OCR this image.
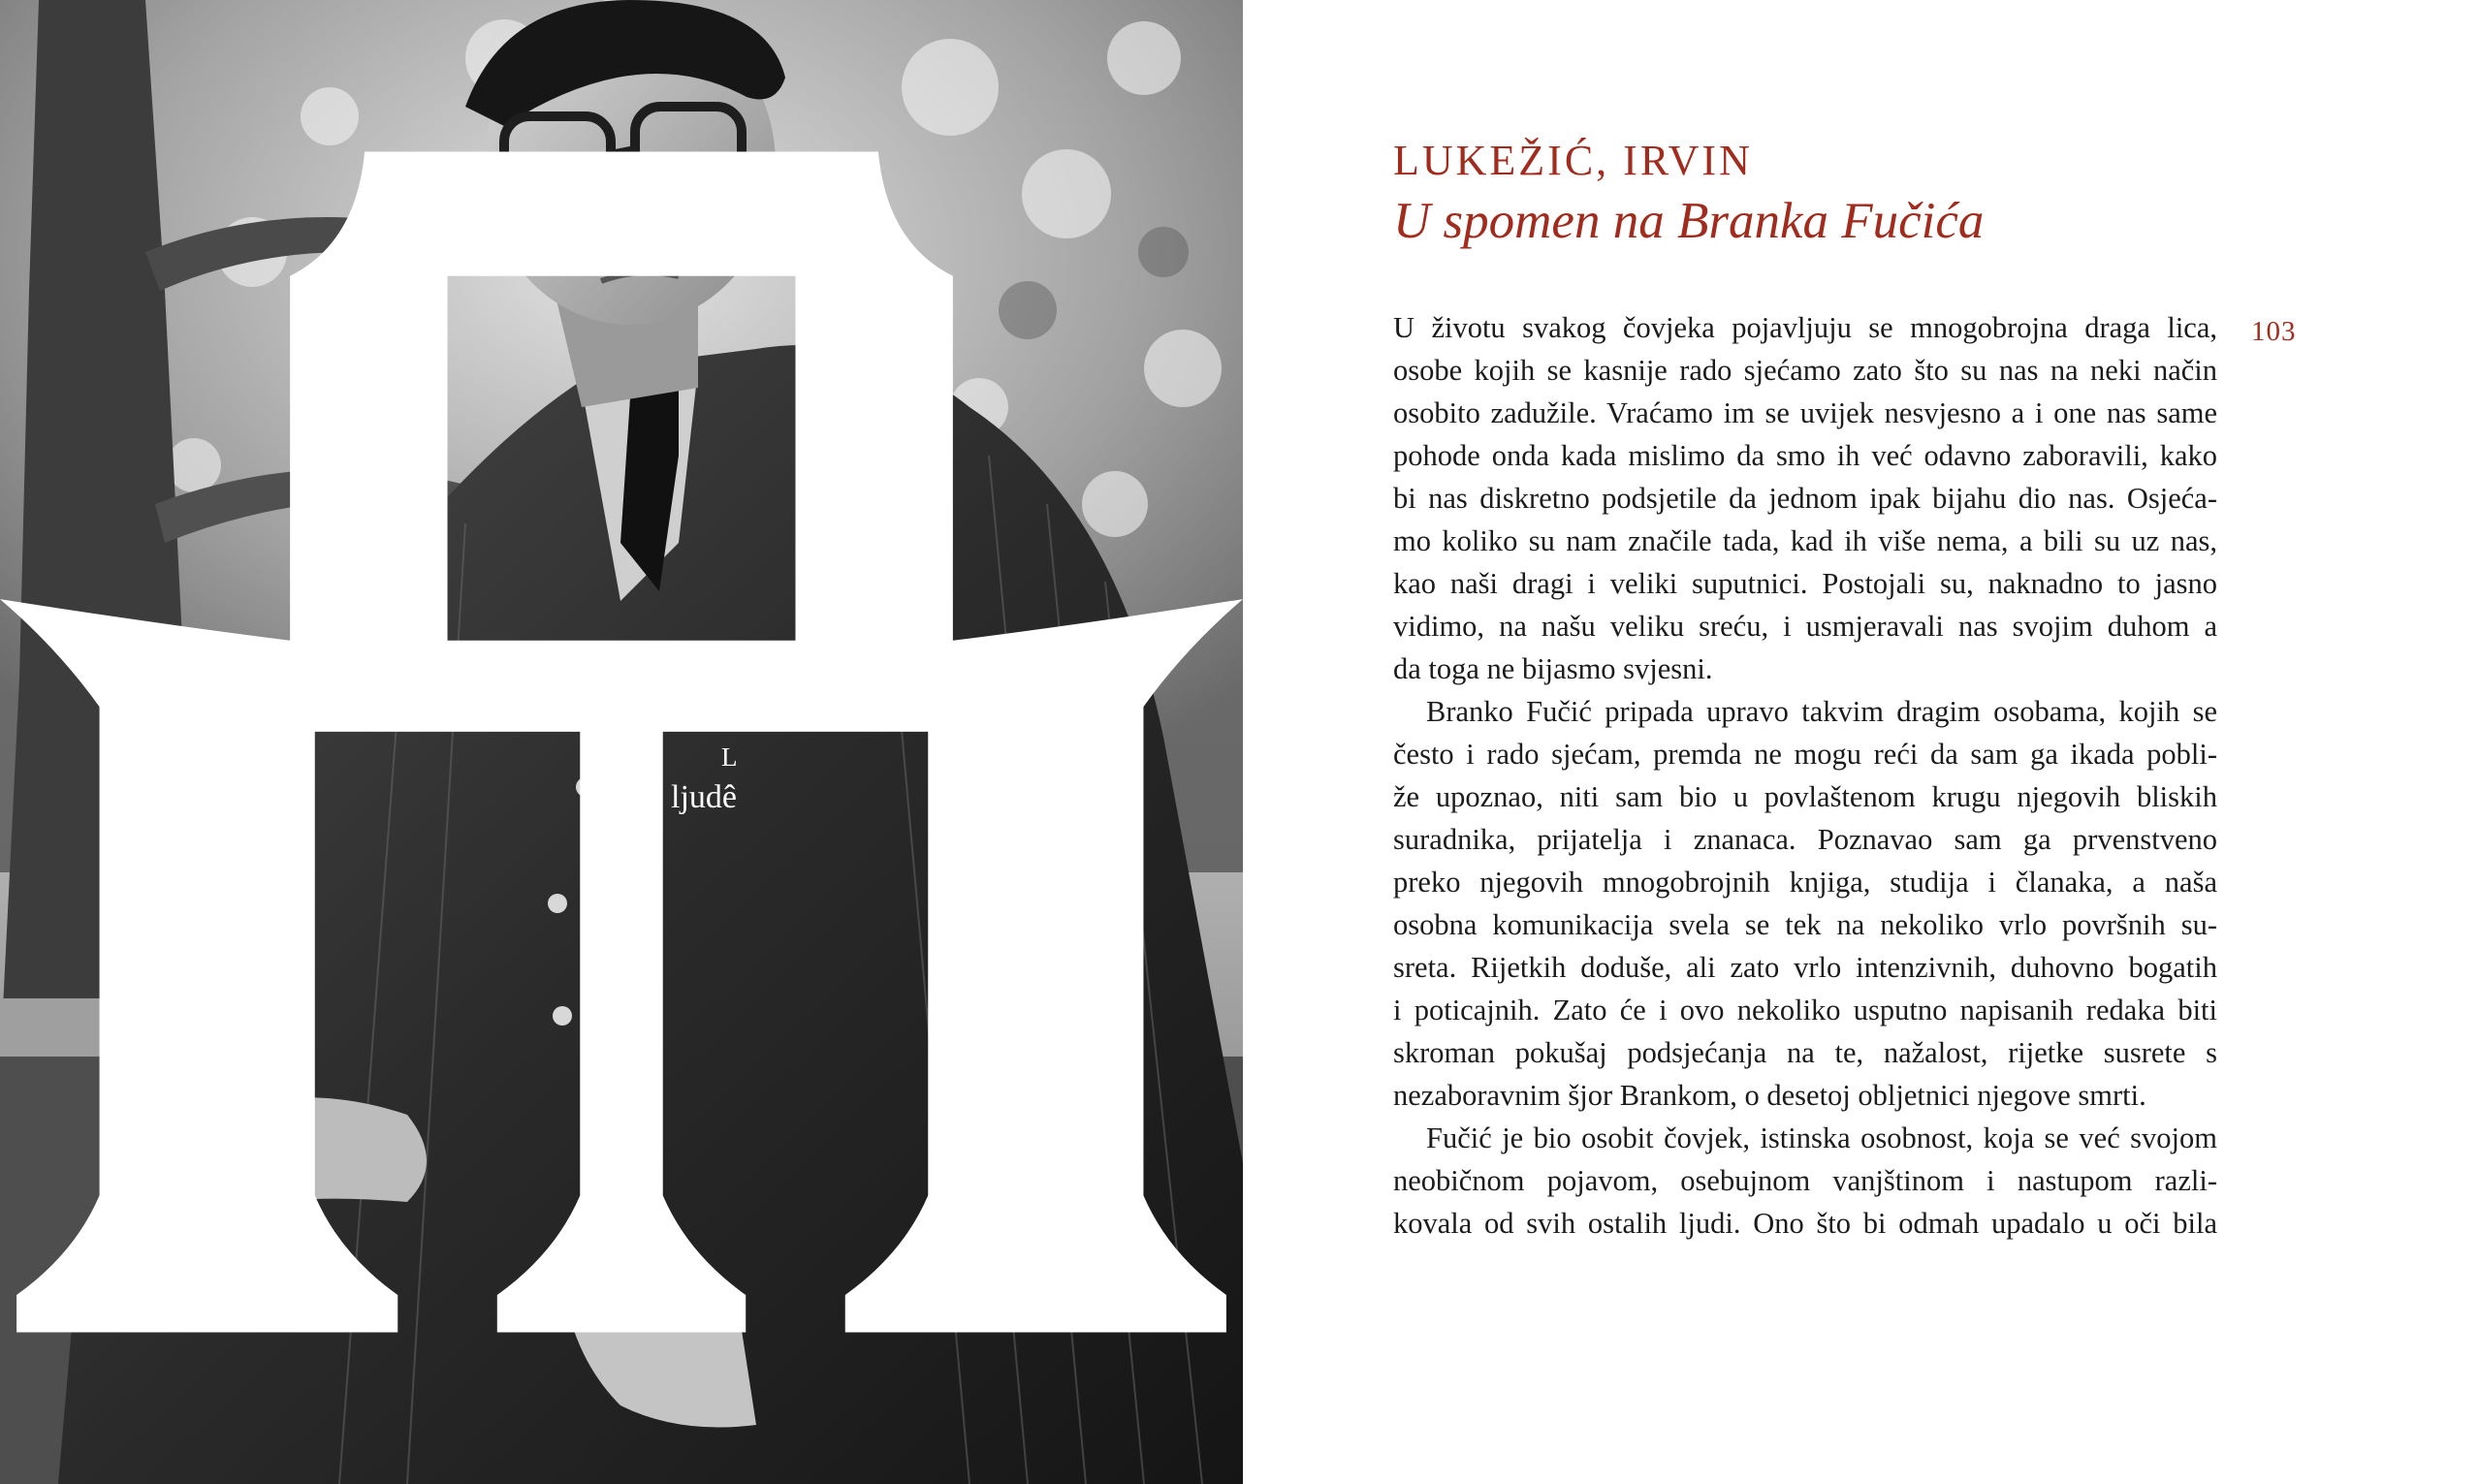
L
ljudê
LUKEŽIĆ, IRVIN
U spomen na Branka Fučića
103
U životu svakog čovjeka pojavljuju se mnogobrojna draga lica,
osobe kojih se kasnije rado sjećamo zato što su nas na neki način
osobito zadužile. Vraćamo im se uvijek nesvjesno a i one nas same
pohode onda kada mislimo da smo ih već odavno zaboravili, kako
bi nas diskretno podsjetile da jednom ipak bijahu dio nas. Osjeća-
mo koliko su nam značile tada, kad ih više nema, a bili su uz nas,
kao naši dragi i veliki suputnici. Postojali su, naknadno to jasno
vidimo, na našu veliku sreću, i usmjeravali nas svojim duhom a
da toga ne bijasmo svjesni.
Branko Fučić pripada upravo takvim dragim osobama, kojih se
često i rado sjećam, premda ne mogu reći da sam ga ikada pobli-
že upoznao, niti sam bio u povlaštenom krugu njegovih bliskih
suradnika, prijatelja i znanaca. Poznavao sam ga prvenstveno
preko njegovih mnogobrojnih knjiga, studija i članaka, a naša
osobna komunikacija svela se tek na nekoliko vrlo površnih su-
sreta. Rijetkih doduše, ali zato vrlo intenzivnih, duhovno bogatih
i poticajnih. Zato će i ovo nekoliko usputno napisanih redaka biti
skroman pokušaj podsjećanja na te, nažalost, rijetke susrete s
nezaboravnim šjor Brankom, o desetoj obljetnici njegove smrti.
Fučić je bio osobit čovjek, istinska osobnost, koja se već svojom
neobičnom pojavom, osebujnom vanjštinom i nastupom razli-
kovala od svih ostalih ljudi. Ono što bi odmah upadalo u oči bila
